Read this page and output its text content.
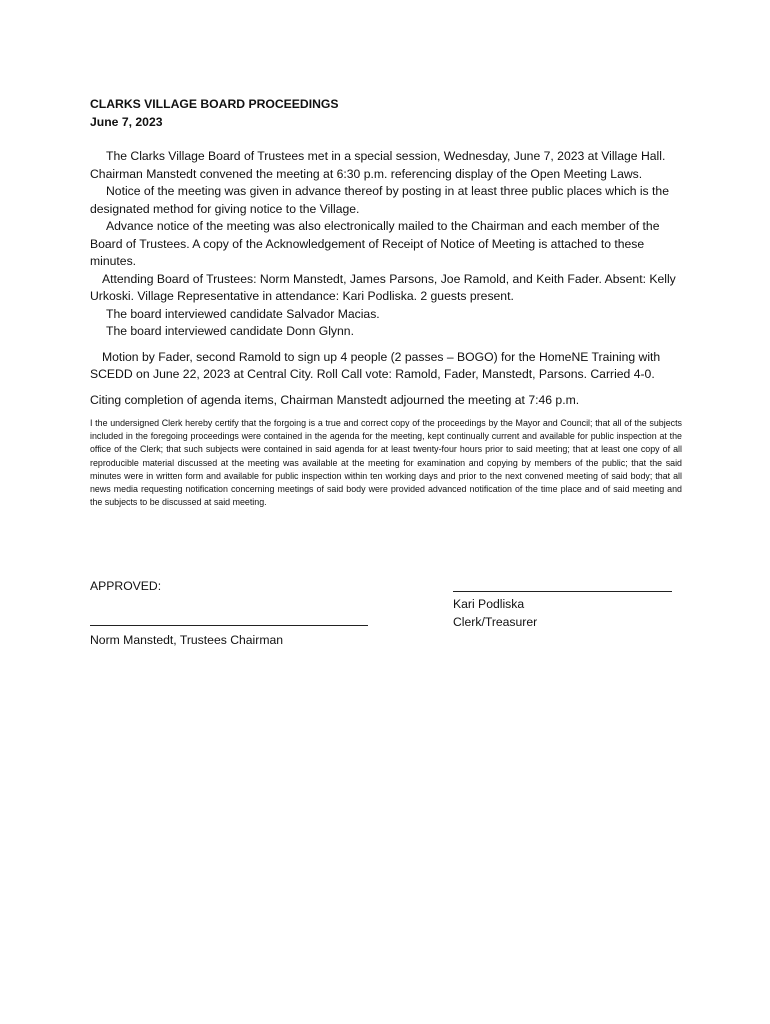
CLARKS VILLAGE BOARD PROCEEDINGS

June 7, 2023

The Clarks Village Board of Trustees met in a special session, Wednesday, June 7, 2023 at Village Hall. Chairman Manstedt convened the meeting at 6:30 p.m. referencing display of the Open Meeting Laws.

Notice of the meeting was given in advance thereof by posting in at least three public places which is the designated method for giving notice to the Village.

Advance notice of the meeting was also electronically mailed to the Chairman and each member of the Board of Trustees. A copy of the Acknowledgement of Receipt of Notice of Meeting is attached to these minutes.

Attending Board of Trustees: Norm Manstedt, James Parsons, Joe Ramold, and Keith Fader. Absent: Kelly Urkoski. Village Representative in attendance: Kari Podliska. 2 guests present.

The board interviewed candidate Salvador Macias.

The board interviewed candidate Donn Glynn.

Motion by Fader, second Ramold to sign up 4 people (2 passes – BOGO) for the HomeNE Training with SCEDD on June 22, 2023 at Central City. Roll Call vote: Ramold, Fader, Manstedt, Parsons. Carried 4-0.

Citing completion of agenda items, Chairman Manstedt adjourned the meeting at 7:46 p.m.

I the undersigned Clerk hereby certify that the forgoing is a true and correct copy of the proceedings by the Mayor and Council; that all of the subjects included in the foregoing proceedings were contained in the agenda for the meeting, kept continually current and available for public inspection at the office of the Clerk; that such subjects were contained in said agenda for at least twenty-four hours prior to said meeting; that at least one copy of all reproducible material discussed at the meeting was available at the meeting for examination and copying by members of the public; that the said minutes were in written form and available for public inspection within ten working days and prior to the next convened meeting of said body; that all news media requesting notification concerning meetings of said body were provided advanced notification of the time place and of said meeting and the subjects to be discussed at said meeting.

APPROVED:
Kari Podliska
Clerk/Treasurer
Norm Manstedt, Trustees Chairman
